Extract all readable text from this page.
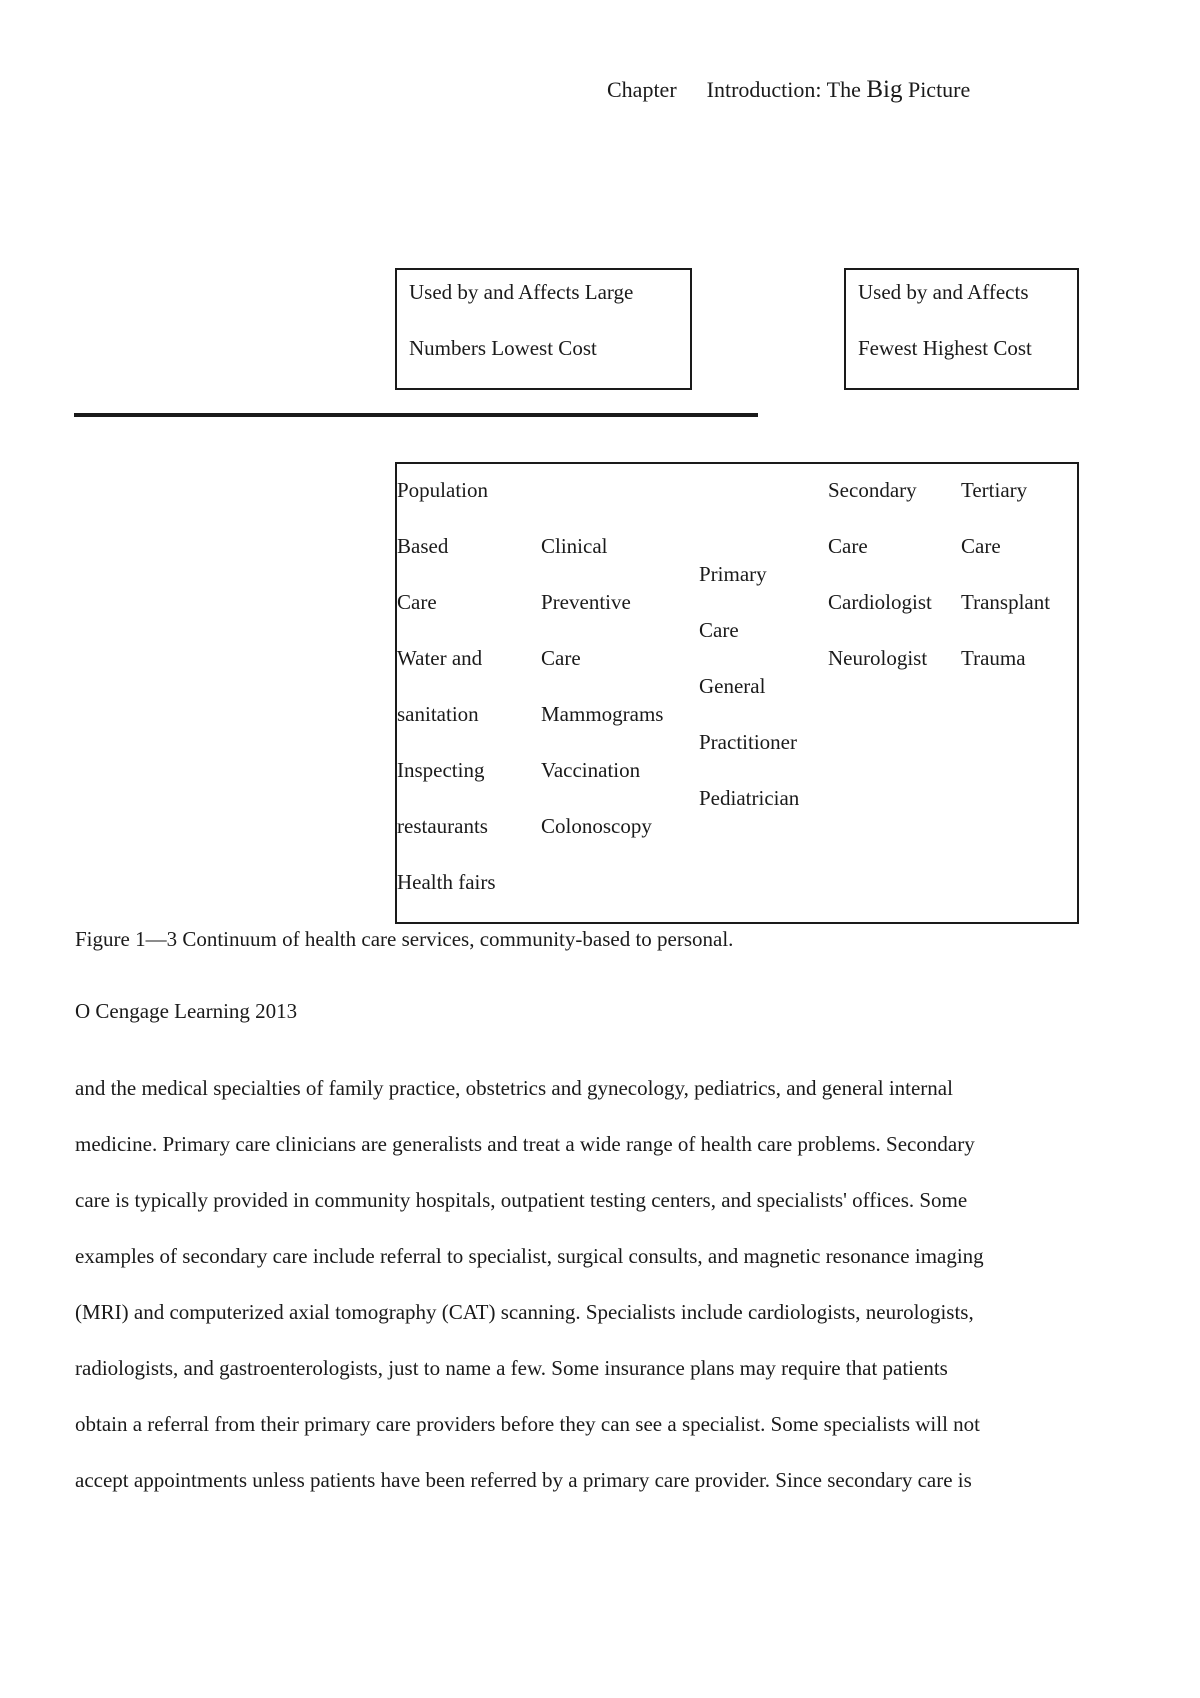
Chapter Introduction: The Big Picture
Used by and Affects Large
Numbers Lowest Cost
Used by and Affects
Fewest Highest Cost
Population
Based
Care
Water and
sanitation
Inspecting
restaurants
Health fairs
Clinical
Preventive
Care
Mammograms
Vaccination
Colonoscopy
Primary
Care
General
Practitioner
Pediatrician
Secondary
Care
Cardiologist
Neurologist
Tertiary
Care
Transplant
Trauma
Figure 1—3 Continuum of health care services, community-based to personal.
O Cengage Learning 2013
and the medical specialties of family practice, obstetrics and gynecology, pediatrics, and general internal
medicine. Primary care clinicians are generalists and treat a wide range of health care problems. Secondary
care is typically provided in community hospitals, outpatient testing centers, and specialists' offices. Some
examples of secondary care include referral to specialist, surgical consults, and magnetic resonance imaging
(MRI) and computerized axial tomography (CAT) scanning. Specialists include cardiologists, neurologists,
radiologists, and gastroenterologists, just to name a few. Some insurance plans may require that patients
obtain a referral from their primary care providers before they can see a specialist. Some specialists will not
accept appointments unless patients have been referred by a primary care provider. Since secondary care is
